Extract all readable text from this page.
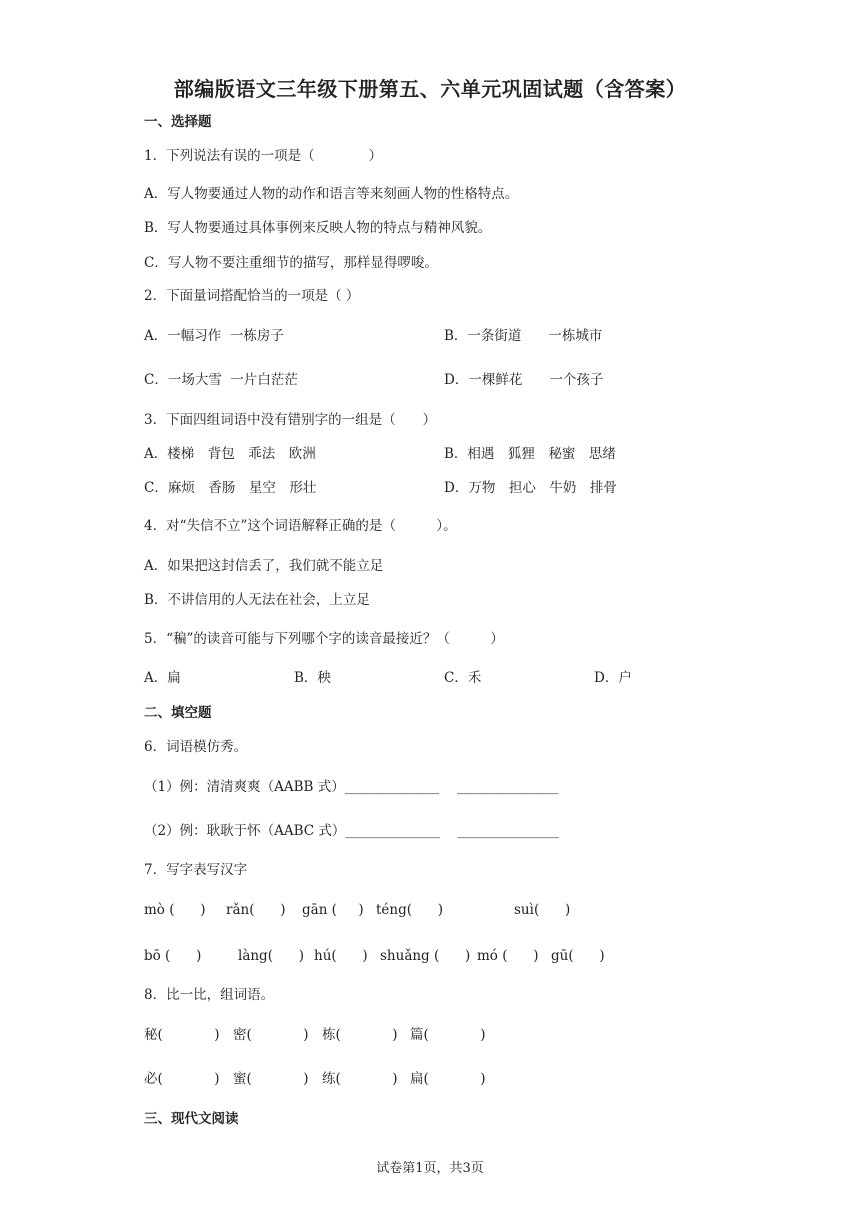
部编版语文三年级下册第五、六单元巩固试题（含答案）
一、选择题
1．下列说法有误的一项是（　　　　）
A．写人物要通过人物的动作和语言等来刻画人物的性格特点。
B．写人物要通过具体事例来反映人物的特点与精神风貌。
C．写人物不要注重细节的描写，那样显得啰唆。
2．下面量词搭配恰当的一项是（ ）
A．一幅习作  一栋房子	B．一条街道　　一栋城市
C．一场大雪  一片白茫茫	D．一棵鲜花　　一个孩子
3．下面四组词语中没有错别字的一组是（　　）
A．楼梯　背包　乖法　欧洲	B．相遇　狐狸　秘蜜　思绪
C．麻烦　香肠　星空　形壮	D．万物　担心　牛奶　排骨
4．对“失信不立”这个词语解释正确的是（　　　）。
A．如果把这封信丢了，我们就不能立足
B．不讲信用的人无法在社会，上立足
5．“稨”的读音可能与下列哪个字的读音最接近？（　　　）
A．扁	B．秧	C．禾	D．户
二、填空题
6．词语模仿秀。
（1）例：清清爽爽（AABB 式）______________　 _______________
（2）例：耿耿于怀（AABC 式）______________　 _______________
7．写字表写汉字
mò (      ) rǎn(      ) gān (     ) téng(      )	suì(      )
bō (      )	làng(      ) hú(      ) shuǎng (      ) mó (      ) gū(      )
8．比一比，组词语。
秘(            ) 密(            ) 栋(            ) 篇(            )
必(            ) 蜜(            ) 练(            ) 扁(            )
三、现代文阅读
试卷第1页，共3页
